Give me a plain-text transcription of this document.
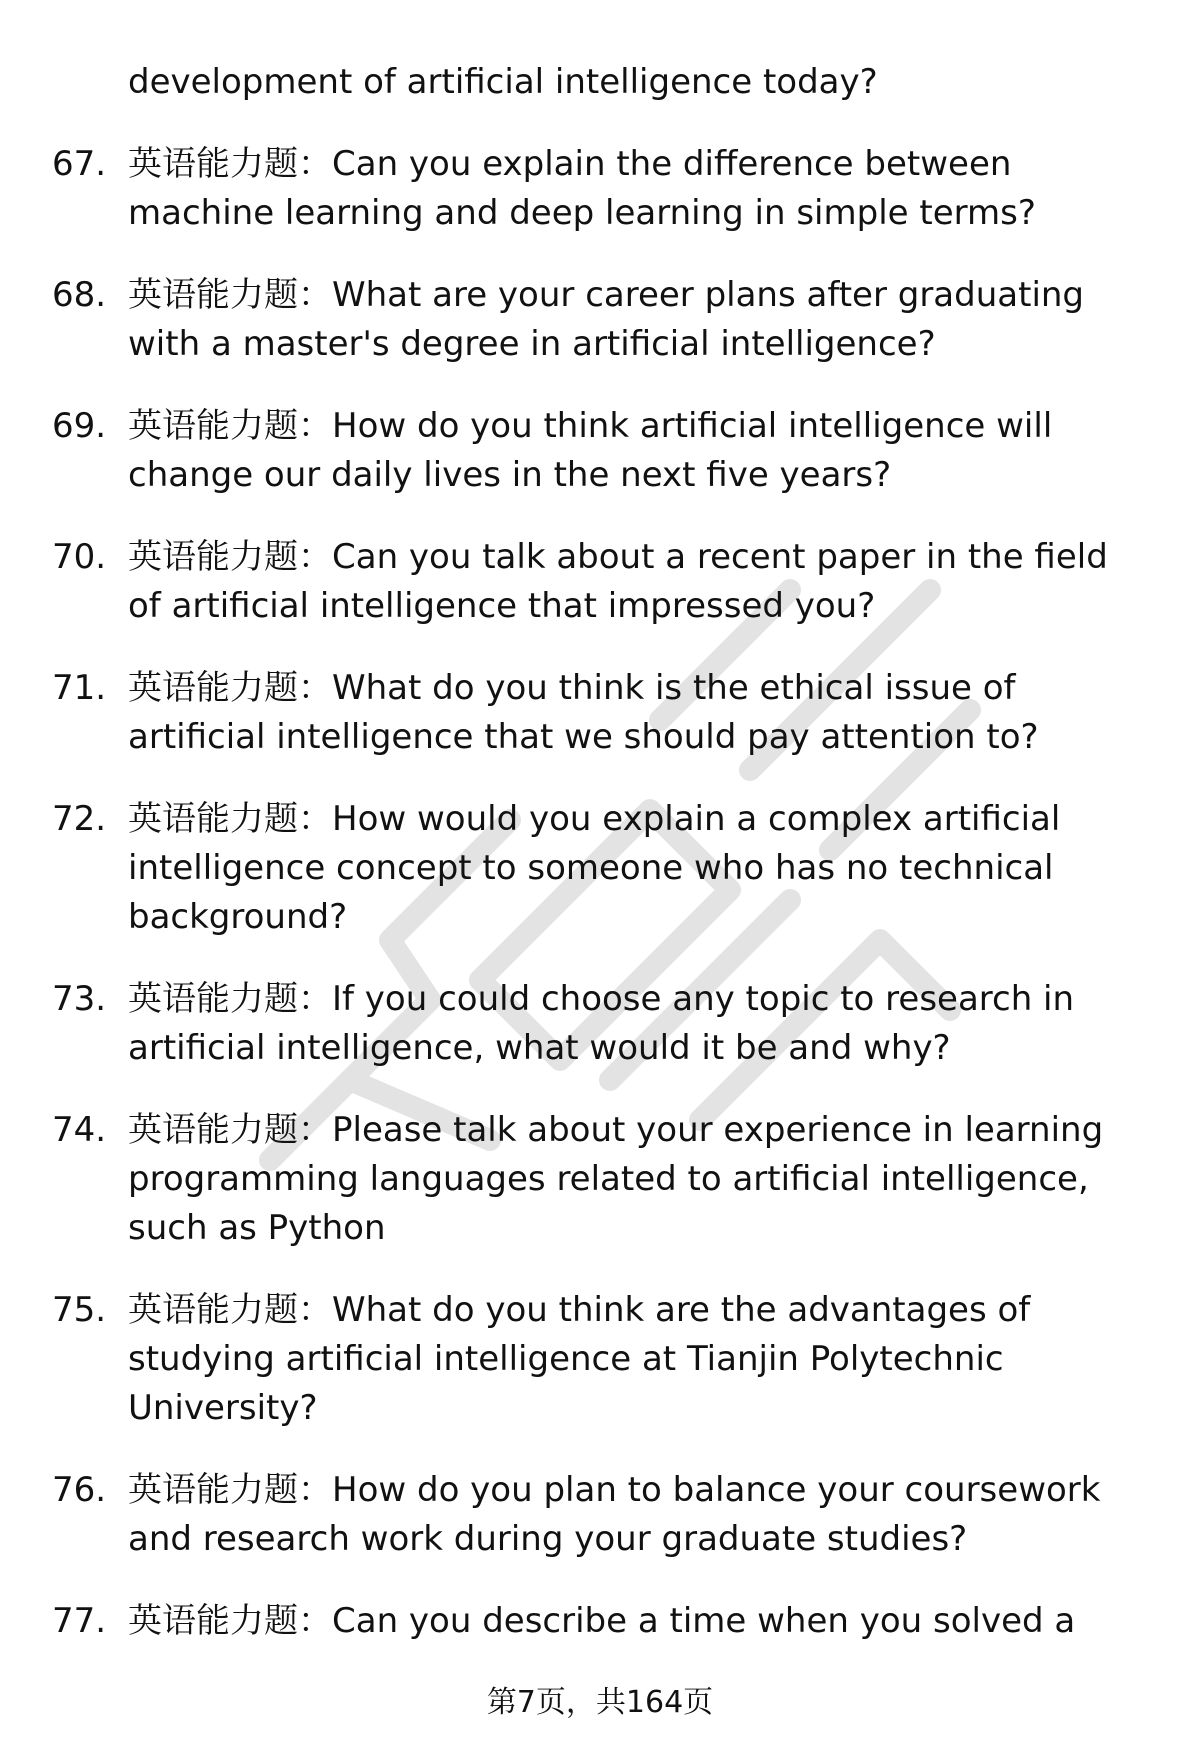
development of artificial intelligence today?
67. 英语能力题：Can you explain the difference between machine learning and deep learning in simple terms?
68. 英语能力题：What are your career plans after graduating with a master's degree in artificial intelligence?
69. 英语能力题：How do you think artificial intelligence will change our daily lives in the next five years?
70. 英语能力题：Can you talk about a recent paper in the field of artificial intelligence that impressed you?
71. 英语能力题：What do you think is the ethical issue of artificial intelligence that we should pay attention to?
72. 英语能力题：How would you explain a complex artificial intelligence concept to someone who has no technical background?
73. 英语能力题：If you could choose any topic to research in artificial intelligence, what would it be and why?
74. 英语能力题：Please talk about your experience in learning programming languages related to artificial intelligence, such as Python
75. 英语能力题：What do you think are the advantages of studying artificial intelligence at Tianjin Polytechnic University?
76. 英语能力题：How do you plan to balance your coursework and research work during your graduate studies?
77. 英语能力题：Can you describe a time when you solved a
第7页，共164页
